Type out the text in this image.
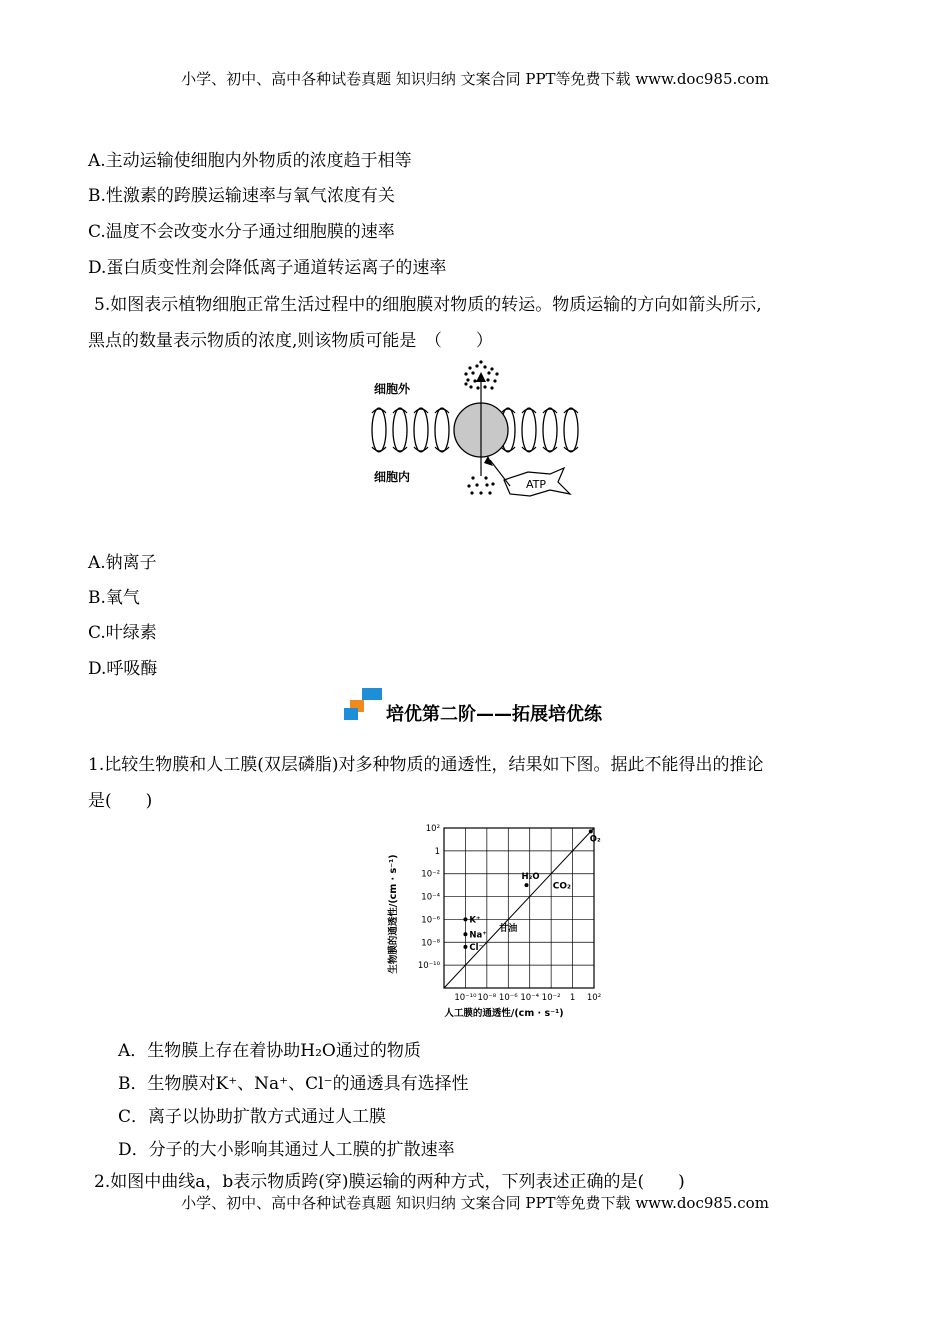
小学、初中、高中各种试卷真题 知识归纳 文案合同 PPT等免费下载 www.doc985.com
A.主动运输使细胞内外物质的浓度趋于相等
B.性激素的跨膜运输速率与氧气浓度有关
C.温度不会改变水分子通过细胞膜的速率
D.蛋白质变性剂会降低离子通道转运离子的速率
5.如图表示植物细胞正常生活过程中的细胞膜对物质的转运。物质运输的方向如箭头所示,
黑点的数量表示物质的浓度,则该物质可能是　（　　）
细胞外
细胞内
ATP
A.钠离子
B.氧气
C.叶绿素
D.呼吸酶
培优第二阶——拓展培优练
1.比较生物膜和人工膜(双层磷脂)对多种物质的通透性，结果如下图。据此不能得出的推论
是(　　)
10⁻¹⁰ 10⁻⁸ 10⁻⁶ 10⁻⁴ 10⁻² 1 10²
10²
1
10⁻²
10⁻⁴
10⁻⁶
10⁻⁸
10⁻¹⁰
K⁺
Na⁺
Cl⁻
H₂O
O₂
CO₂
甘油
人工膜的通透性/(cm · s⁻¹)
生物膜的通透性/(cm · s⁻¹)
A．生物膜上存在着协助H₂O通过的物质
B．生物膜对K⁺、Na⁺、Cl⁻的通透具有选择性
C．离子以协助扩散方式通过人工膜
D．分子的大小影响其通过人工膜的扩散速率
2.如图中曲线a，b表示物质跨(穿)膜运输的两种方式，下列表述正确的是(　　)
小学、初中、高中各种试卷真题 知识归纳 文案合同 PPT等免费下载 www.doc985.com
